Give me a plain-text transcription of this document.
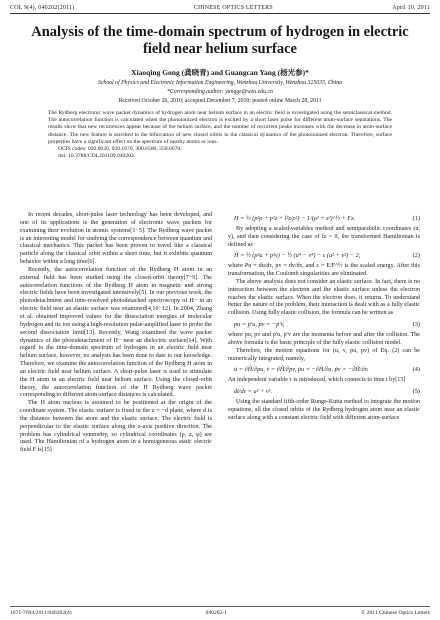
COL 9(4), 040202(2011)	CHINESE OPTICS LETTERS	April 10, 2011
Analysis of the time-domain spectrum of hydrogen in electric field near helium surface
Xiaoqing Gong (龚晓青) and Guangcan Yang (杨光参)*
School of Physics and Electronic Information Engineering, Wenzhou University, Wenzhou 325035, China
*Corresponding author: yangge@wzu.edu.cn
Received October 26, 2010; accepted December 7, 2010; posted online March 28, 2011

The Rydberg electronic wave packet dynamics of hydrogen atom near helium surface in an electric field is investigated using the semiclassical method. The autocorrelation function is calculated when the photoionized electron is excited by a short laser pulse for different atom-surface separations. The results show that new recurrences appear because of the helium surface, and the number of recurrent peaks increases with the decrease in atom-surface distance. The new feature is ascribed to the bifurcation of new closed orbits in the classical dynamics of the photoionized electron. Therefore, surface properties have a significant effect on the spectrum of nearby atoms or ions.

OCIS codes: 020.0020, 020.1670, 300.6500, 350.6670.

doi: 10.3788/COL201109.040202.

In recent decades, short-pulse laser technology has been developed, and one of its applications is the generation of electronic wave packets for examining their evolution in atomic systems[1−5]. The Rydberg wave packet is an interesting model for studying the correspondence between quantum and classical mechanics. This packet has been proven to travel like a classical particle along the classical orbit within a short time, but it exhibits quantum behavior within a long time[6].

Recently, the autocorrelation function of the Rydberg H atom in an external field has been studied using the closed-orbit theory[7−9]. The autocorrelation functions of the Rydberg H atom in magnetic and strong electric fields have been investigated intensively[5]. In our previous work, the photodetachment and time-resolved photodetached spectroscopy of H− in an electric field near an elastic surface was examined[4,10−12]. In 2004, Zhang et al. obtained improved values for the dissociation energies of molecular hydrogen and its ion using a high-resolution pulse-amplified laser to probe the second dissociation limit[13]. Recently, Wang examined the wave packet dynamics of the photodetachment of H− near an dielectric surface[14]. With regard to the time-domain spectrum of hydrogen in an electric field near helium surface, however, no analysis has been done to date to our knowledge. Therefore, we examine the autocorrelation function of the Rydberg H atom in an electric field near helium surface. A short-pulse laser is used to stimulate the H atom in an electric field near helium surface. Using the closed-orbit theory, the autocorrelation function of the H Rydberg wave packet corresponding to different atom-surface distances is calculated.

The H atom nucleus is assumed to be positioned at the origin of the coordinate system. The elastic surface is fixed in the z = −d plane, where d is the distance between the atom and the elastic surface. The electric field is perpendicular to the elastic surface along the z-axis positive direction. The problem has cylindrical symmetry, so cylindrical coordinates (ρ, z, φ) are used. The Hamiltonian of a hydrogen atom in a homogeneous static electric field F is[15]

H = ½ (p²ρ + p²z + l²z/ρ²) − 1/(ρ² + z²)^½ + Fz.	(1)

By adopting a scaled-variables method and semiparabolic coordinates (u, v), and then considering the case of lz = 0, the transformed Hamiltonian is defined as

H̃ = ½ (p²u + p²v) − ½ (u⁴ − v⁴) − ε (u² + v²) − 2,	(2)

where Pu = du/dτ, pv = dv/dτ, and ε = E/F^½ is the scaled energy. After this transformation, the Coulomb singularities are eliminated.

The above analysis does not consider an elastic surface. In fact, there is no interaction between the electron and the elastic surface unless the electron reaches the elastic surface. When the electron does, it returns. To understand better the nature of the problem, their interaction is dealt with as a fully elastic collision. Using fully elastic collision, the formula can be written as

pu = p′u, pv = −p′v,	(3)

where pu, pv and p′u, p′v are the momenta before and after the collision. The above formula is the basic principle of the fully elastic collision model.

Therefore, the motion equations for (u, v, pu, pv) of Eq. (2) can be numerically integrated, namely,

u̇ = ∂H̃/∂pu, v̇ = ∂H̃/∂pv, ṗu = −∂H̃/∂u, ṗv = −∂H̃/∂v.	(4)

An independent variable τ is introduced, which connects to time t by[15]

dt/dτ = u² + v².	(5)

Using the standard fifth-order Runge-Kutta method to integrate the motion equations, all the closed orbits of the Rydberg hydrogen atom near an elastic surface along with a constant electric field with different atom-surface

1671-7694/2011/040202(4)	040202-1	© 2011 Chinese Optics Letters
